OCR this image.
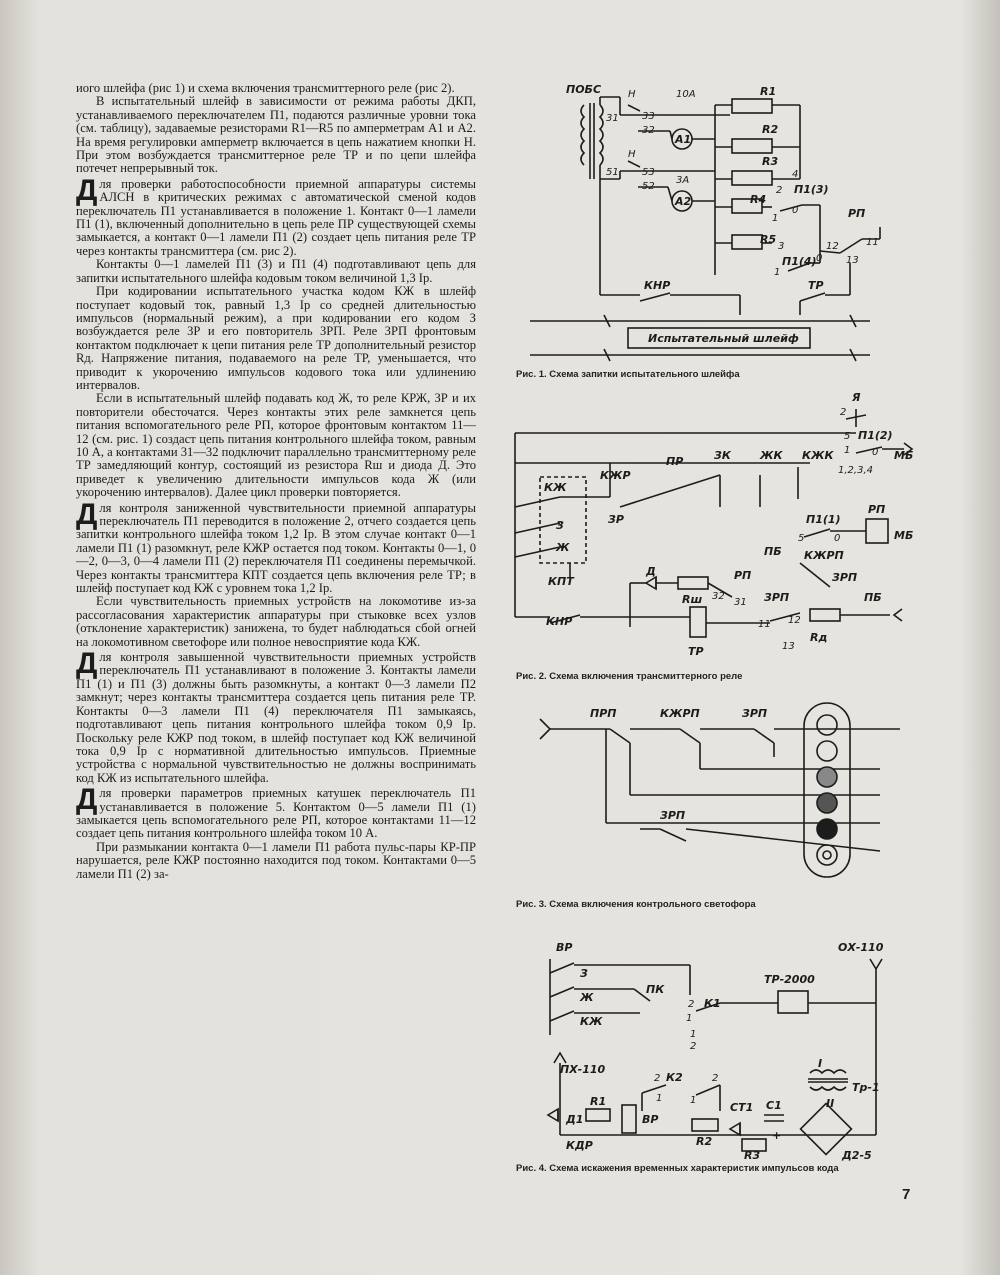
иого шлейфа (рис 1) и схема включения трансмиттерного реле (рис 2).

В испытательный шлейф в зависимости от режима работы ДКП, устанавливаемого переключателем П1, подаются различные уровни тока (см. таблицу), задаваемые резисторами R1—R5 по амперметрам А1 и А2. На время регулировки амперметр включается в цепь нажатием кнопки Н. При этом возбуждается трансмиттерное реле ТР и по цепи шлейфа потечет непрерывный ток.

Для проверки работоспособности приемной аппаратуры системы АЛСН в критических режимах с автоматической сменой кодов переключатель П1 устанавливается в положение 1. Контакт 0—1 ламели П1 (1), включенный дополнительно в цепь реле ПР существующей схемы замыкается, а контакт 0—1 ламели П1 (2) создает цепь питания реле ТР через контакты трансмиттера (см. рис 2).

Контакты 0—1 ламелей П1 (3) и П1 (4) подготавливают цепь для запитки испытательного шлейфа кодовым током величиной 1,3 Iр.

При кодировании испытательного участка кодом КЖ в шлейф поступает кодовый ток, равный 1,3 Iр со средней длительностью импульсов (нормальный режим), а при кодировании его кодом З возбуждается реле ЗР и его повторитель ЗРП. Реле ЗРП фронтовым контактом подключает к цепи питания реле ТР дополнительный резистор Rд. Напряжение питания, подаваемого на реле ТР, уменьшается, что приводит к укорочению импульсов кодового тока или удлинению интервалов.

Если в испытательный шлейф подавать код Ж, то реле КРЖ, ЗР и их повторители обесточатся. Через контакты этих реле замкнется цепь питания вспомогательного реле РП, которое фронтовым контактом 11—12 (см. рис. 1) создаст цепь питания контрольного шлейфа током, равным 10 А, а контактами 31—32 подключит параллельно трансмиттерному реле ТР замедляющий контур, состоящий из резистора Rш и диода Д. Это приведет к увеличению длительности импульсов кода Ж (или укорочению интервалов). Далее цикл проверки повторяется.

Для контроля заниженной чувствительности приемной аппаратуры переключатель П1 переводится в положение 2, отчего создается цепь запитки контрольного шлейфа током 1,2 Iр. В этом случае контакт 0—1 ламели П1 (1) разомкнут, реле КЖР остается под током. Контакты 0—1, 0—2, 0—3, 0—4 ламели П1 (2) переключателя П1 соединены перемычкой. Через контакты трансмиттера КПТ создается цепь включения реле ТР; в шлейф поступает код КЖ с уровнем тока 1,2 Iр.

Если чувствительность приемных устройств на локомотиве из-за рассогласования характеристик аппаратуры при стыковке всех узлов (отклонение характеристик) занижена, то будет наблюдаться сбой огней на локомотивном светофоре или полное невосприятие кода КЖ.

Для контроля завышенной чувствительности приемных устройств переключатель П1 устанавливают в положение 3. Контакты ламели П1 (1) и П1 (3) должны быть разомкнуты, а контакт 0—3 ламели П2 замкнут; через контакты трансмиттера создается цепь питания реле ТР. Контакты 0—3 ламели П1 (4) переключателя П1 замыкаясь, подготавливают цепь питания контрольного шлейфа током 0,9 Iр. Поскольку реле КЖР под током, в шлейф поступает код КЖ величиной тока 0,9 Iр с нормативной длительностью импульсов. Приемные устройства с нормальной чувствительностью не должны воспринимать код КЖ из испытательного шлейфа.

Для проверки параметров приемных катушек переключатель П1 устанавливается в положение 5. Контактом 0—5 ламели П1 (1) замыкается цепь вспомогательного реле РП, которое контактами 11—12 создает цепь питания контрольного шлейфа током 10 А.

При размыкании контакта 0—1 ламели П1 работа пульс-пары КР-ПР нарушается, реле КЖР постоянно находится под током. Контактами 0—5 ламели П1 (2) за-

ПОБС	Н	10А	R1
31 33
32
А1
Н
51 53
52
3А
А2
R2
R3
4
2 П1(3)
R4
1
0
R5
3
П1(4)
1
0
РП
12	11
13
КНР	ТР
Испытательный шлейф
Рис. 1. Схема запитки испытательного шлейфа
Я
2
П1(2)
5
1 0 МБ
1,2,3,4
КЖР
ПР	ЗК	ЖК КЖК
КЖ
З
Ж
КПТ
ЗР	П1(1)
РП
МБ
5	0
ПБ КЖРП
ЗРП
Д
Rш
РП
32
31
КНР
ТР
ЗРП
11 12
13
Rд
ПБ
Рис. 2. Схема включения трансмиттерного реле
ПРП	КЖРП	ЗРП
ЗРП
Рис. 3. Схема включения контрольного светофора
ВР
З
Ж
КЖ
ПК
2 К1
1
1
2
ТР-2000
ОХ-110
ПХ-110
К2
2
1
2
1
I
II
Тр-1
Д1
R1
ВР
КДР	R2
СТ1 С1
+
R3	Д2-5
Рис. 4. Схема искажения временных характеристик импульсов кода
7
